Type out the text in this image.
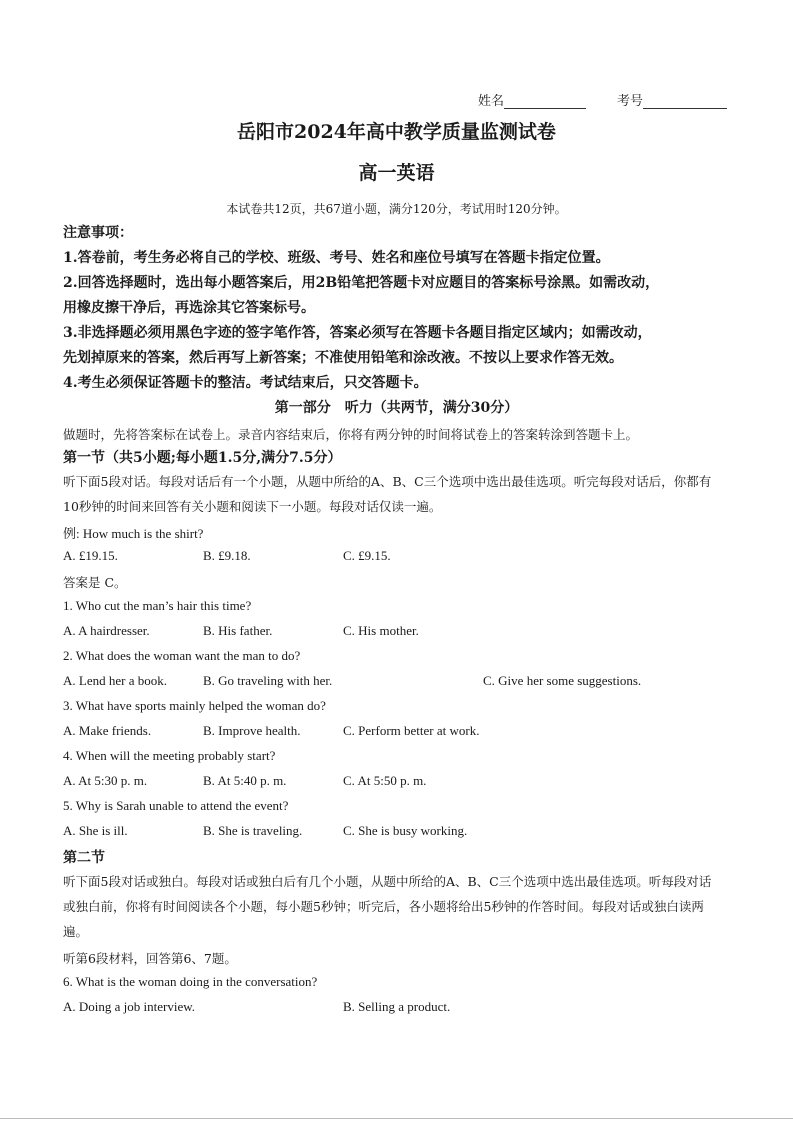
姓名	考号
岳阳市2024年高中教学质量监测试卷
高一英语
本试卷共12页，共67道小题，满分120分，考试用时120分钟。
注意事项：
1.答卷前，考生务必将自己的学校、班级、考号、姓名和座位号填写在答题卡指定位置。
2.回答选择题时，选出每小题答案后，用2B铅笔把答题卡对应题目的答案标号涂黑。如需改动，
用橡皮擦干净后，再选涂其它答案标号。
3.非选择题必须用黑色字迹的签字笔作答，答案必须写在答题卡各题目指定区域内；如需改动，
先划掉原来的答案，然后再写上新答案；不准使用铅笔和涂改液。不按以上要求作答无效。
4.考生必须保证答题卡的整洁。考试结束后，只交答题卡。
第一部分　听力（共两节，满分30分）
做题时，先将答案标在试卷上。录音内容结束后，你将有两分钟的时间将试卷上的答案转涂到答题卡上。
第一节（共5小题;每小题1.5分,满分7.5分）
听下面5段对话。每段对话后有一个小题，从题中所给的A、B、C三个选项中选出最佳选项。听完每段对话后，你都有10秒钟的时间来回答有关小题和阅读下一小题。每段对话仅读一遍。
例: How much is the shirt?
A. £19.15.	B. £9.18.	C. £9.15.
答案是 C。
1. Who cut the man’s hair this time?
A. A hairdresser.	B. His father.	C. His mother.
2. What does the woman want the man to do?
A. Lend her a book.	B. Go traveling with her.	C. Give her some suggestions.
3. What have sports mainly helped the woman do?
A. Make friends.	B. Improve health.	C. Perform better at work.
4. When will the meeting probably start?
A. At 5:30 p. m.	B. At 5:40 p. m.	C. At 5:50 p. m.
5. Why is Sarah unable to attend the event?
A. She is ill.	B. She is traveling.	C. She is busy working.
第二节
听下面5段对话或独白。每段对话或独白后有几个小题，从题中所给的A、B、C三个选项中选出最佳选项。听每段对话或独白前，你将有时间阅读各个小题，每小题5秒钟；听完后，各小题将给出5秒钟的作答时间。每段对话或独白读两遍。
听第6段材料，回答第6、7题。
6. What is the woman doing in the conversation?
A. Doing a job interview.	B. Selling a product.
